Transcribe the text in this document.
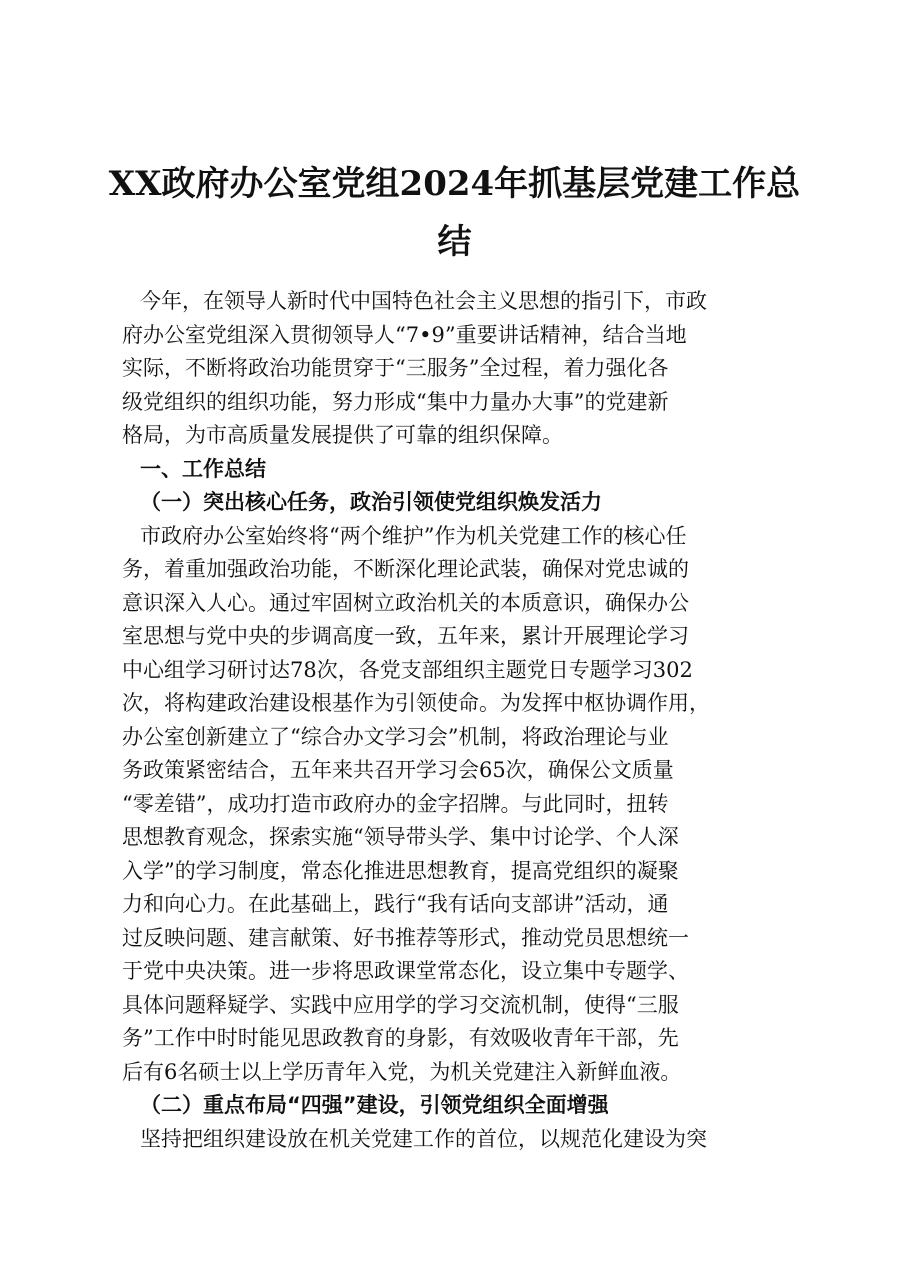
XX政府办公室党组2024年抓基层党建工作总
结
今年，在领导人新时代中国特色社会主义思想的指引下，市政
府办公室党组深入贯彻领导人“7•9”重要讲话精神，结合当地
实际，不断将政治功能贯穿于“三服务”全过程，着力强化各
级党组织的组织功能，努力形成“集中力量办大事”的党建新
格局，为市高质量发展提供了可靠的组织保障。
一、工作总结
（一）突出核心任务，政治引领使党组织焕发活力
市政府办公室始终将“两个维护”作为机关党建工作的核心任
务，着重加强政治功能，不断深化理论武装，确保对党忠诚的
意识深入人心。通过牢固树立政治机关的本质意识，确保办公
室思想与党中央的步调高度一致，五年来，累计开展理论学习
中心组学习研讨达78次，各党支部组织主题党日专题学习302
次，将构建政治建设根基作为引领使命。为发挥中枢协调作用，
办公室创新建立了“综合办文学习会”机制，将政治理论与业
务政策紧密结合，五年来共召开学习会65次，确保公文质量
“零差错”，成功打造市政府办的金字招牌。与此同时，扭转
思想教育观念，探索实施“领导带头学、集中讨论学、个人深
入学”的学习制度，常态化推进思想教育，提高党组织的凝聚
力和向心力。在此基础上，践行“我有话向支部讲”活动，通
过反映问题、建言献策、好书推荐等形式，推动党员思想统一
于党中央决策。进一步将思政课堂常态化，设立集中专题学、
具体问题释疑学、实践中应用学的学习交流机制，使得“三服
务”工作中时时能见思政教育的身影，有效吸收青年干部，先
后有6名硕士以上学历青年入党，为机关党建注入新鲜血液。
（二）重点布局“四强”建设，引领党组织全面增强
坚持把组织建设放在机关党建工作的首位，以规范化建设为突
